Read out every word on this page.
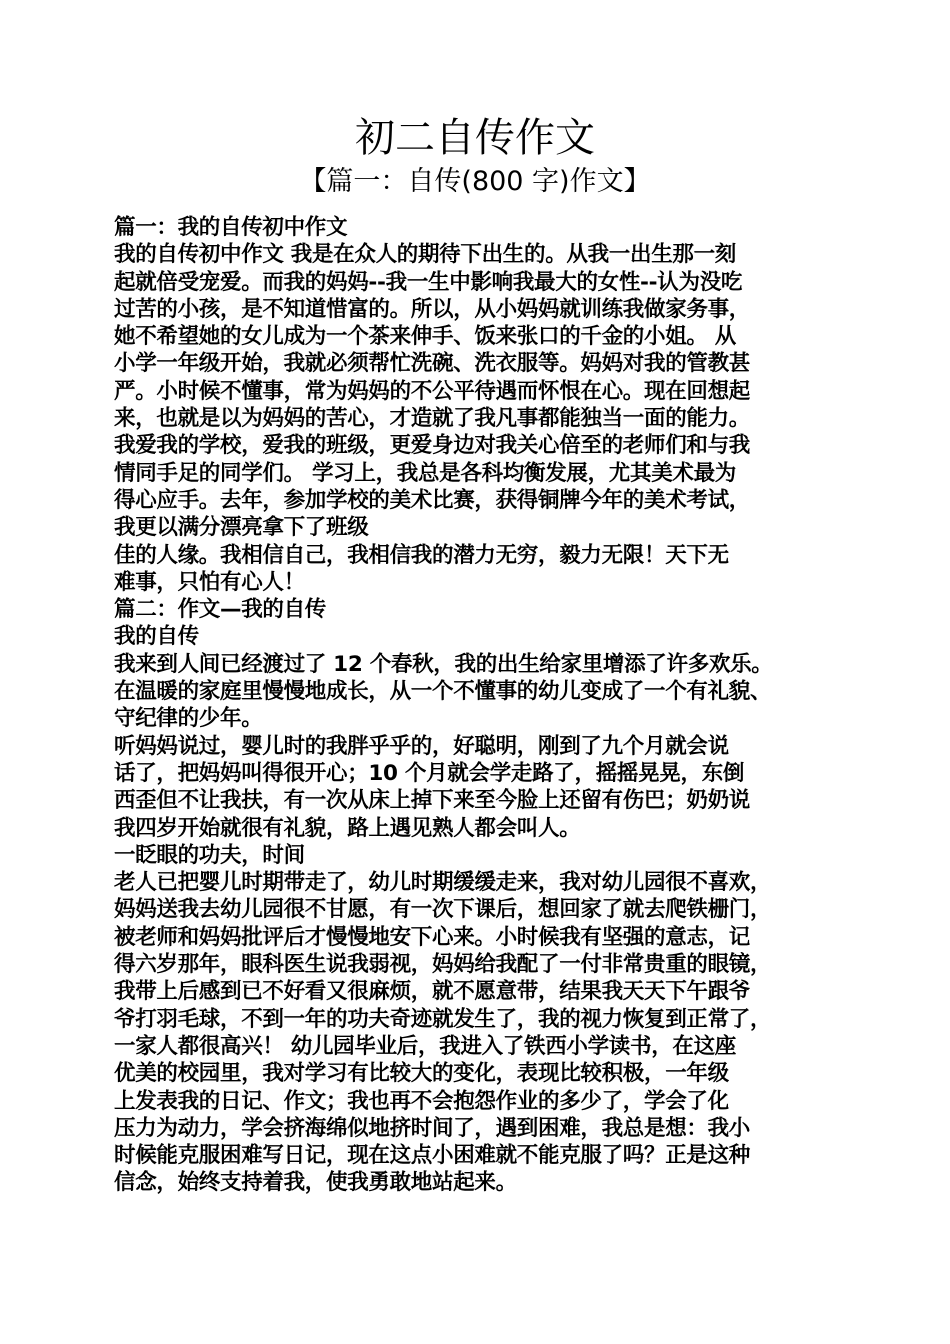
初二自传作文
【篇一：自传(800 字)作文】
篇一：我的自传初中作文
我的自传初中作文 我是在众人的期待下出生的。从我一出生那一刻
起就倍受宠爱。而我的妈妈--我一生中影响我最大的女性--认为没吃
过苦的小孩，是不知道惜富的。所以，从小妈妈就训练我做家务事，
她不希望她的女儿成为一个茶来伸手、饭来张口的千金的小姐。 从
小学一年级开始，我就必须帮忙洗碗、洗衣服等。妈妈对我的管教甚
严。小时候不懂事，常为妈妈的不公平待遇而怀恨在心。现在回想起
来，也就是以为妈妈的苦心，才造就了我凡事都能独当一面的能力。
我爱我的学校，爱我的班级，更爱身边对我关心倍至的老师们和与我
情同手足的同学们。 学习上，我总是各科均衡发展，尤其美术最为
得心应手。去年，参加学校的美术比赛，获得铜牌今年的美术考试，
我更以满分漂亮拿下了班级
佳的人缘。我相信自己，我相信我的潜力无穷，毅力无限！天下无
难事，只怕有心人！
篇二：作文—我的自传
我的自传
我来到人间已经渡过了 12 个春秋，我的出生给家里增添了许多欢乐。
在温暖的家庭里慢慢地成长，从一个不懂事的幼儿变成了一个有礼貌、
守纪律的少年。
听妈妈说过，婴儿时的我胖乎乎的，好聪明，刚到了九个月就会说
话了，把妈妈叫得很开心；10 个月就会学走路了，摇摇晃晃，东倒
西歪但不让我扶，有一次从床上掉下来至今脸上还留有伤巴；奶奶说
我四岁开始就很有礼貌，路上遇见熟人都会叫人。
一眨眼的功夫，时间
老人已把婴儿时期带走了，幼儿时期缓缓走来，我对幼儿园很不喜欢，
妈妈送我去幼儿园很不甘愿，有一次下课后，想回家了就去爬铁栅门，
被老师和妈妈批评后才慢慢地安下心来。小时候我有坚强的意志，记
得六岁那年，眼科医生说我弱视，妈妈给我配了一付非常贵重的眼镜，
我带上后感到已不好看又很麻烦，就不愿意带，结果我天天下午跟爷
爷打羽毛球，不到一年的功夫奇迹就发生了，我的视力恢复到正常了，
一家人都很高兴！ 幼儿园毕业后，我进入了铁西小学读书，在这座
优美的校园里，我对学习有比较大的变化，表现比较积极，一年级
上发表我的日记、作文；我也再不会抱怨作业的多少了，学会了化
压力为动力，学会挤海绵似地挤时间了，遇到困难，我总是想：我小
时候能克服困难写日记，现在这点小困难就不能克服了吗？正是这种
信念，始终支持着我，使我勇敢地站起来。
